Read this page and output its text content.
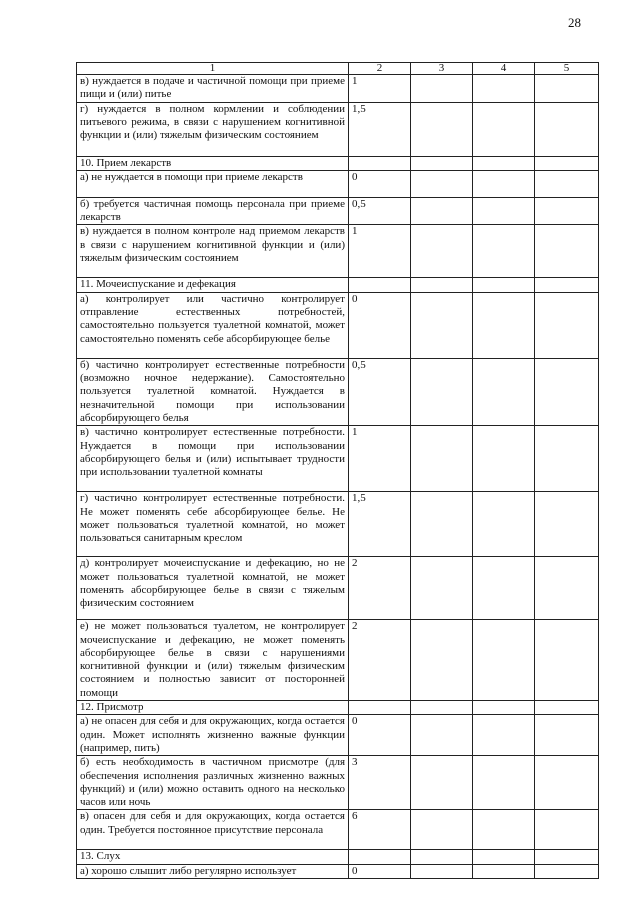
28
1	2	3	4	5
в) нуждается в подаче и частичной помощи при приеме пищи и (или) питье	1			
г) нуждается в полном кормлении и соблюдении питьевого режима, в связи с нарушением когнитивной функции и (или) тяжелым физическим состоянием	1,5			
10. Прием лекарств				
а) не нуждается в помощи при приеме лекарств	0			
б) требуется частичная помощь персонала при приеме лекарств	0,5			
в) нуждается в полном контроле над приемом лекарств в связи с нарушением когнитивной функции и (или) тяжелым физическим состоянием	1			
11. Мочеиспускание и дефекация				
а) контролирует или частично контролирует отправление естественных потребностей, самостоятельно пользуется туалетной комнатой, может самостоятельно поменять себе абсорбирующее белье	0			
б) частично контролирует естественные потребности (возможно ночное недержание). Самостоятельно пользуется туалетной комнатой. Нуждается в незначительной помощи при использовании абсорбирующего белья	0,5			
в) частично контролирует естественные потребности. Нуждается в помощи при использовании абсорбирующего белья и (или) испытывает трудности при использовании туалетной комнаты	1			
г) частично контролирует естественные потребности. Не может поменять себе абсорбирующее белье. Не может пользоваться туалетной комнатой, но может пользоваться санитарным креслом	1,5			
д) контролирует мочеиспускание и дефекацию, но не может пользоваться туалетной комнатой, не может поменять абсорбирующее белье в связи с тяжелым физическим состоянием	2			
е) не может пользоваться туалетом, не контролирует мочеиспускание и дефекацию, не может поменять абсорбирующее белье в связи с нарушениями когнитивной функции и (или) тяжелым физическим состоянием и полностью зависит от посторонней помощи	2			
12. Присмотр				
а) не опасен для себя и для окружающих, когда остается один. Может исполнять жизненно важные функции (например, пить)	0			
б) есть необходимость в частичном присмотре (для обеспечения исполнения различных жизненно важных функций) и (или) можно оставить одного на несколько часов или ночь	3			
в) опасен для себя и для окружающих, когда остается один. Требуется постоянное присутствие персонала	6			
13. Слух				
а) хорошо слышит либо регулярно использует	0			
